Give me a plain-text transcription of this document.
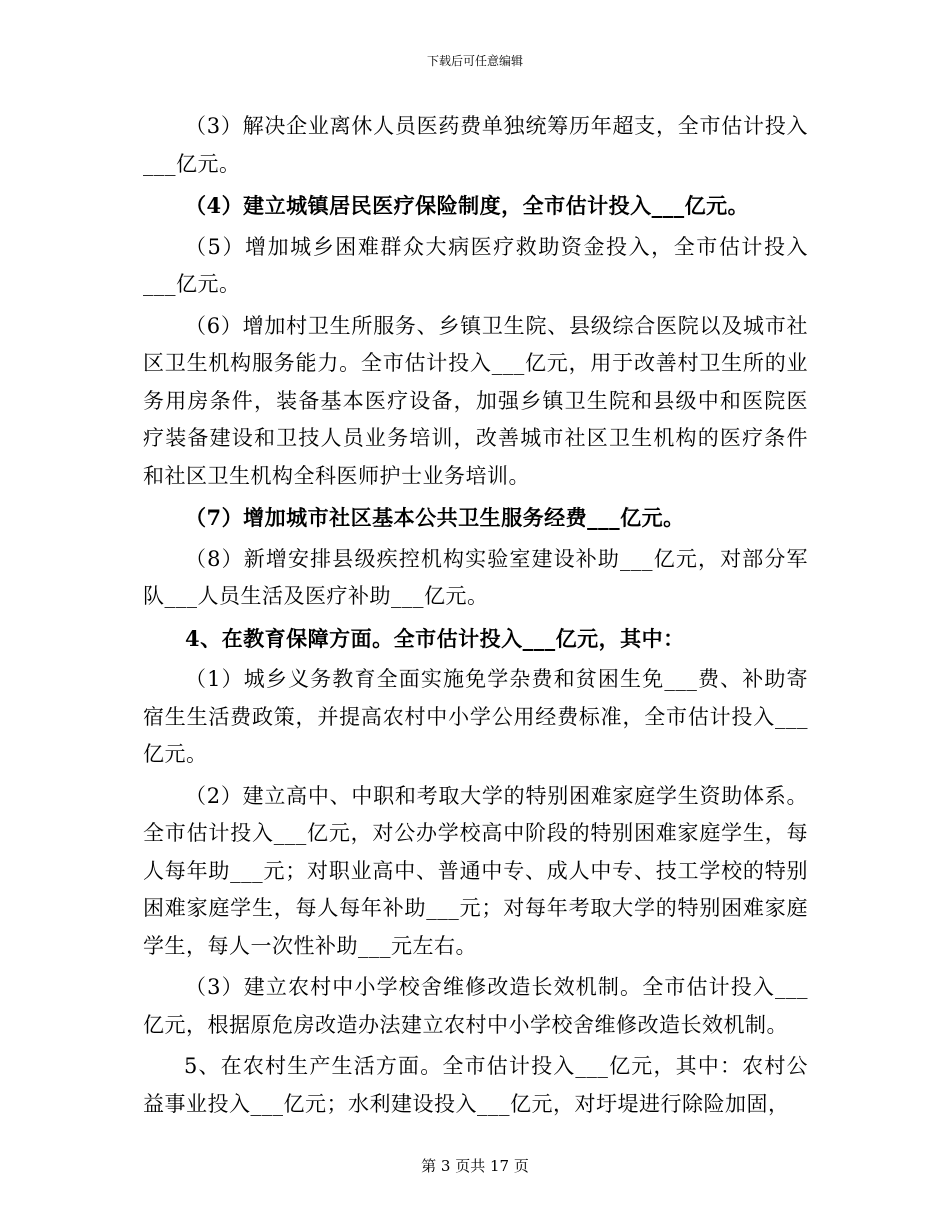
下载后可任意编辑

（3）解决企业离休人员医药费单独统筹历年超支，全市估计投入___亿元。

（4）建立城镇居民医疗保险制度，全市估计投入___亿元。

（5）增加城乡困难群众大病医疗救助资金投入，全市估计投入___亿元。

（6）增加村卫生所服务、乡镇卫生院、县级综合医院以及城市社区卫生机构服务能力。全市估计投入___亿元，用于改善村卫生所的业务用房条件，装备基本医疗设备，加强乡镇卫生院和县级中和医院医疗装备建设和卫技人员业务培训，改善城市社区卫生机构的医疗条件和社区卫生机构全科医师护士业务培训。

（7）增加城市社区基本公共卫生服务经费___亿元。

（8）新增安排县级疾控机构实验室建设补助___亿元，对部分军队___人员生活及医疗补助___亿元。

4、在教育保障方面。全市估计投入___亿元，其中：

（1）城乡义务教育全面实施免学杂费和贫困生免___费、补助寄宿生生活费政策，并提高农村中小学公用经费标准，全市估计投入___亿元。

（2）建立高中、中职和考取大学的特别困难家庭学生资助体系。全市估计投入___亿元，对公办学校高中阶段的特别困难家庭学生，每人每年助___元；对职业高中、普通中专、成人中专、技工学校的特别困难家庭学生，每人每年补助___元；对每年考取大学的特别困难家庭学生，每人一次性补助___元左右。

（3）建立农村中小学校舍维修改造长效机制。全市估计投入___亿元，根据原危房改造办法建立农村中小学校舍维修改造长效机制。

5、在农村生产生活方面。全市估计投入___亿元，其中：农村公益事业投入___亿元；水利建设投入___亿元，对圩堤进行除险加固，

第 3 页共 17 页
